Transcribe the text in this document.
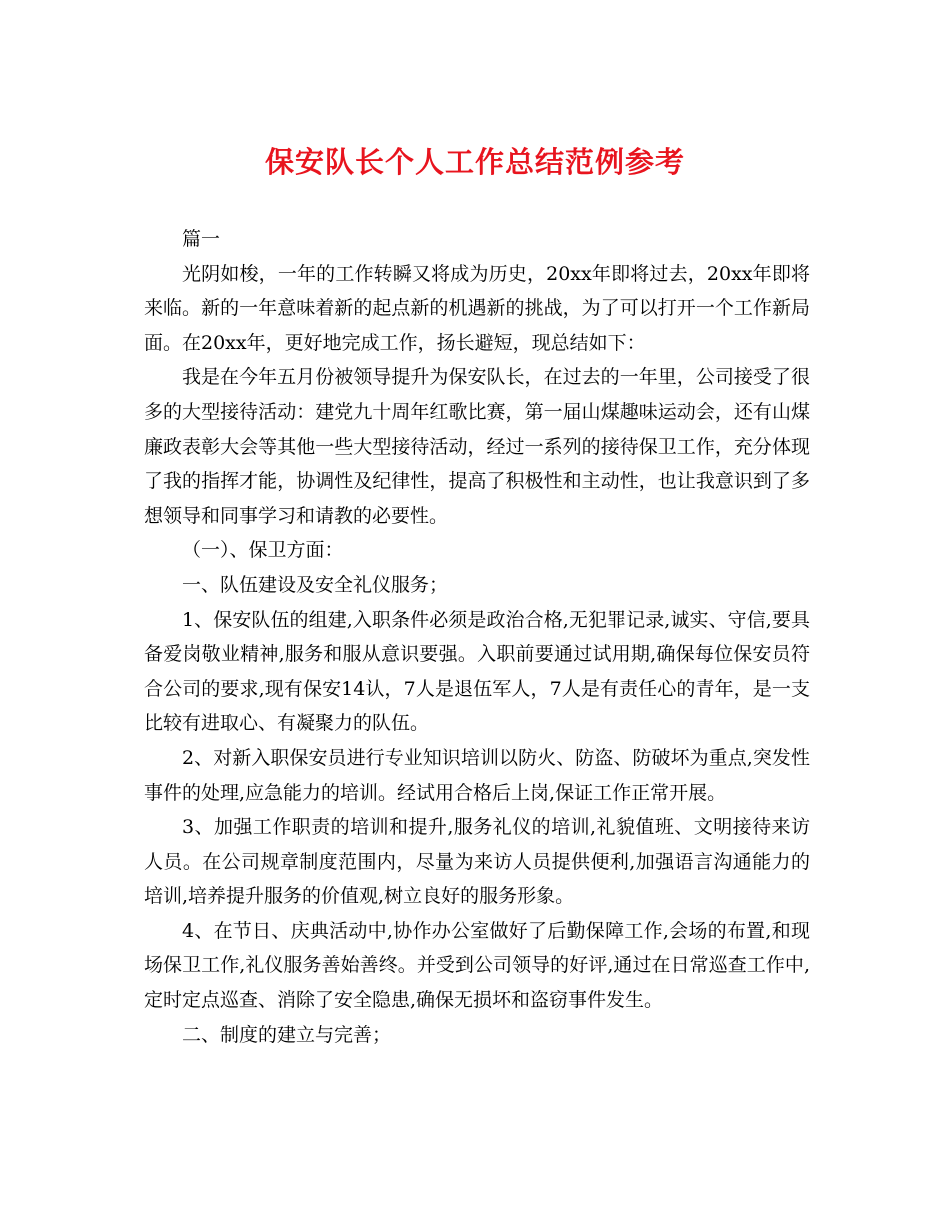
保安队长个人工作总结范例参考

篇一

光阴如梭，一年的工作转瞬又将成为历史，20xx年即将过去，20xx年即将来临。新的一年意味着新的起点新的机遇新的挑战，为了可以打开一个工作新局面。在20xx年，更好地完成工作，扬长避短，现总结如下：

我是在今年五月份被领导提升为保安队长，在过去的一年里，公司接受了很多的大型接待活动：建党九十周年红歌比赛，第一届山煤趣味运动会，还有山煤廉政表彰大会等其他一些大型接待活动，经过一系列的接待保卫工作，充分体现了我的指挥才能，协调性及纪律性，提高了积极性和主动性，也让我意识到了多想领导和同事学习和请教的必要性。

（一）、保卫方面：

一、队伍建设及安全礼仪服务；

1、保安队伍的组建,入职条件必须是政治合格,无犯罪记录,诚实、守信,要具备爱岗敬业精神,服务和服从意识要强。入职前要通过试用期,确保每位保安员符合公司的要求,现有保安14认，7人是退伍军人，7人是有责任心的青年，是一支比较有进取心、有凝聚力的队伍。

2、对新入职保安员进行专业知识培训以防火、防盗、防破坏为重点,突发性事件的处理,应急能力的培训。经试用合格后上岗,保证工作正常开展。

3、加强工作职责的培训和提升,服务礼仪的培训,礼貌值班、文明接待来访人员。在公司规章制度范围内，尽量为来访人员提供便利,加强语言沟通能力的培训,培养提升服务的价值观,树立良好的服务形象。

4、在节日、庆典活动中,协作办公室做好了后勤保障工作,会场的布置,和现场保卫工作,礼仪服务善始善终。并受到公司领导的好评,通过在日常巡查工作中,定时定点巡查、消除了安全隐患,确保无损坏和盗窃事件发生。

二、制度的建立与完善；
